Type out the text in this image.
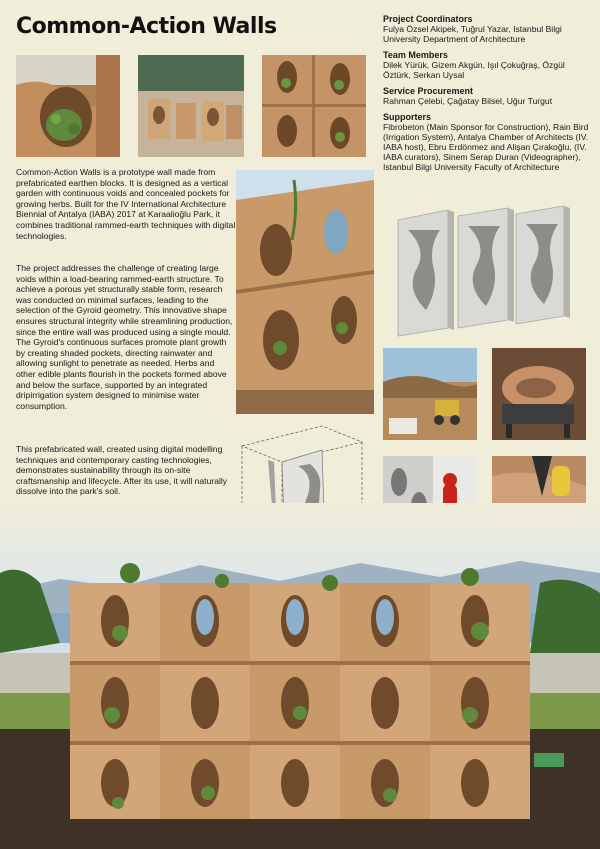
Common-Action Walls

Common-Action Walls is a prototype wall made from prefabricated earthen blocks. It is designed as a vertical garden with continuous voids and concealed pockets for growing herbs. Built for the IV International Architecture Biennial of Antalya (IABA) 2017 at Karaalioğlu Park, it combines traditional rammed-earth techniques with digital technologies.

The project addresses the challenge of creating large voids within a load-bearing rammed-earth structure. To achieve a porous yet structurally stable form, research was conducted on minimal surfaces, leading to the selection of the Gyroid geometry. This innovative shape ensures structural integrity while streamlining production, since the entire wall was produced using a single mould. The Gyroid's continuous surfaces promote plant growth by creating shaded pockets, directing rainwater and allowing sunlight to penetrate as needed. Herbs and other edible plants flourish in the pockets formed above and below the surface, supported by an integrated dripirrigation system designed to minimise water consumption.

This prefabricated wall, created using digital modelling techniques and contemporary casting technologies, demonstrates sustainability through its on-site craftsmanship and lifecycle. After its use, it will naturally dissolve into the park's soil.

Project Coordinators

Fulya Özsel Akipek, Tuğrul Yazar, Istanbul Bilgi University Department of Architecture

Team Members

Dilek Yürük, Gizem Akgün, Işıl Çokuğraş, Özgül Öztürk, Serkan Uysal

Service Procurement

Rahman Çelebi, Çağatay Bilsel, Uğur Turgut

Supporters

Fibrobeton (Main Sponsor for Construction), Rain Bird (Irrigation System), Antalya Chamber of Architects (IV. IABA host), Ebru Erdönmez and Alişan Çırakoğlu, (IV. IABA curators), Sinem Serap Duran (Videographer), Istanbul Bilgi University Faculty of Architecture
